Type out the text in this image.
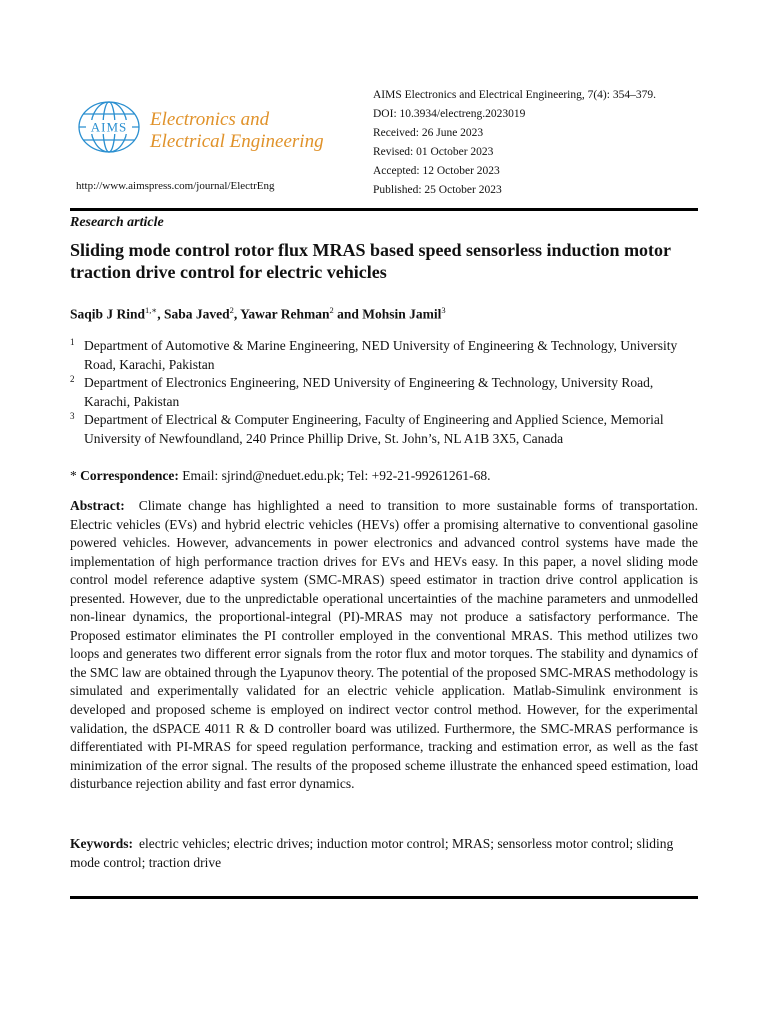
AIMS Electronics and
Electrical Engineering
http://www.aimspress.com/journal/ElectrEng
AIMS Electronics and Electrical Engineering, 7(4): 354–379.
DOI: 10.3934/electreng.2023019
Received: 26 June 2023
Revised: 01 October 2023
Accepted: 12 October 2023
Published: 25 October 2023
Research article
Sliding mode control rotor flux MRAS based speed sensorless induction motor traction drive control for electric vehicles
Saqib J Rind$^{1,∗}$, Saba Javed$^2$, Yawar Rehman$^2$ and Mohsin Jamil$^3$
1 Department of Automotive & Marine Engineering, NED University of Engineering & Technology, University Road, Karachi, Pakistan
2 Department of Electronics Engineering, NED University of Engineering & Technology, University Road, Karachi, Pakistan
3 Department of Electrical & Computer Engineering, Faculty of Engineering and Applied Science, Memorial University of Newfoundland, 240 Prince Phillip Drive, St. John’s, NL A1B 3X5, Canada
* Correspondence: Email: sjrind@neduet.edu.pk; Tel: +92-21-99261261-68.
Abstract: Climate change has highlighted a need to transition to more sustainable forms of transportation. Electric vehicles (EVs) and hybrid electric vehicles (HEVs) offer a promising alternative to conventional gasoline powered vehicles. However, advancements in power electronics and advanced control systems have made the implementation of high performance traction drives for EVs and HEVs easy. In this paper, a novel sliding mode control model reference adaptive system (SMC-MRAS) speed estimator in traction drive control application is presented. However, due to the unpredictable operational uncertainties of the machine parameters and unmodelled non-linear dynamics, the proportional-integral (PI)-MRAS may not produce a satisfactory performance. The Proposed estimator eliminates the PI controller employed in the conventional MRAS. This method utilizes two loops and generates two different error signals from the rotor flux and motor torques. The stability and dynamics of the SMC law are obtained through the Lyapunov theory. The potential of the proposed SMC-MRAS methodology is simulated and experimentally validated for an electric vehicle application. Matlab-Simulink environment is developed and proposed scheme is employed on indirect vector control method. However, for the experimental validation, the dSPACE 4011 R & D controller board was utilized. Furthermore, the SMC-MRAS performance is differentiated with PI-MRAS for speed regulation performance, tracking and estimation error, as well as the fast minimization of the error signal. The results of the proposed scheme illustrate the enhanced speed estimation, load disturbance rejection ability and fast error dynamics.
Keywords: electric vehicles; electric drives; induction motor control; MRAS; sensorless motor control; sliding mode control; traction drive
